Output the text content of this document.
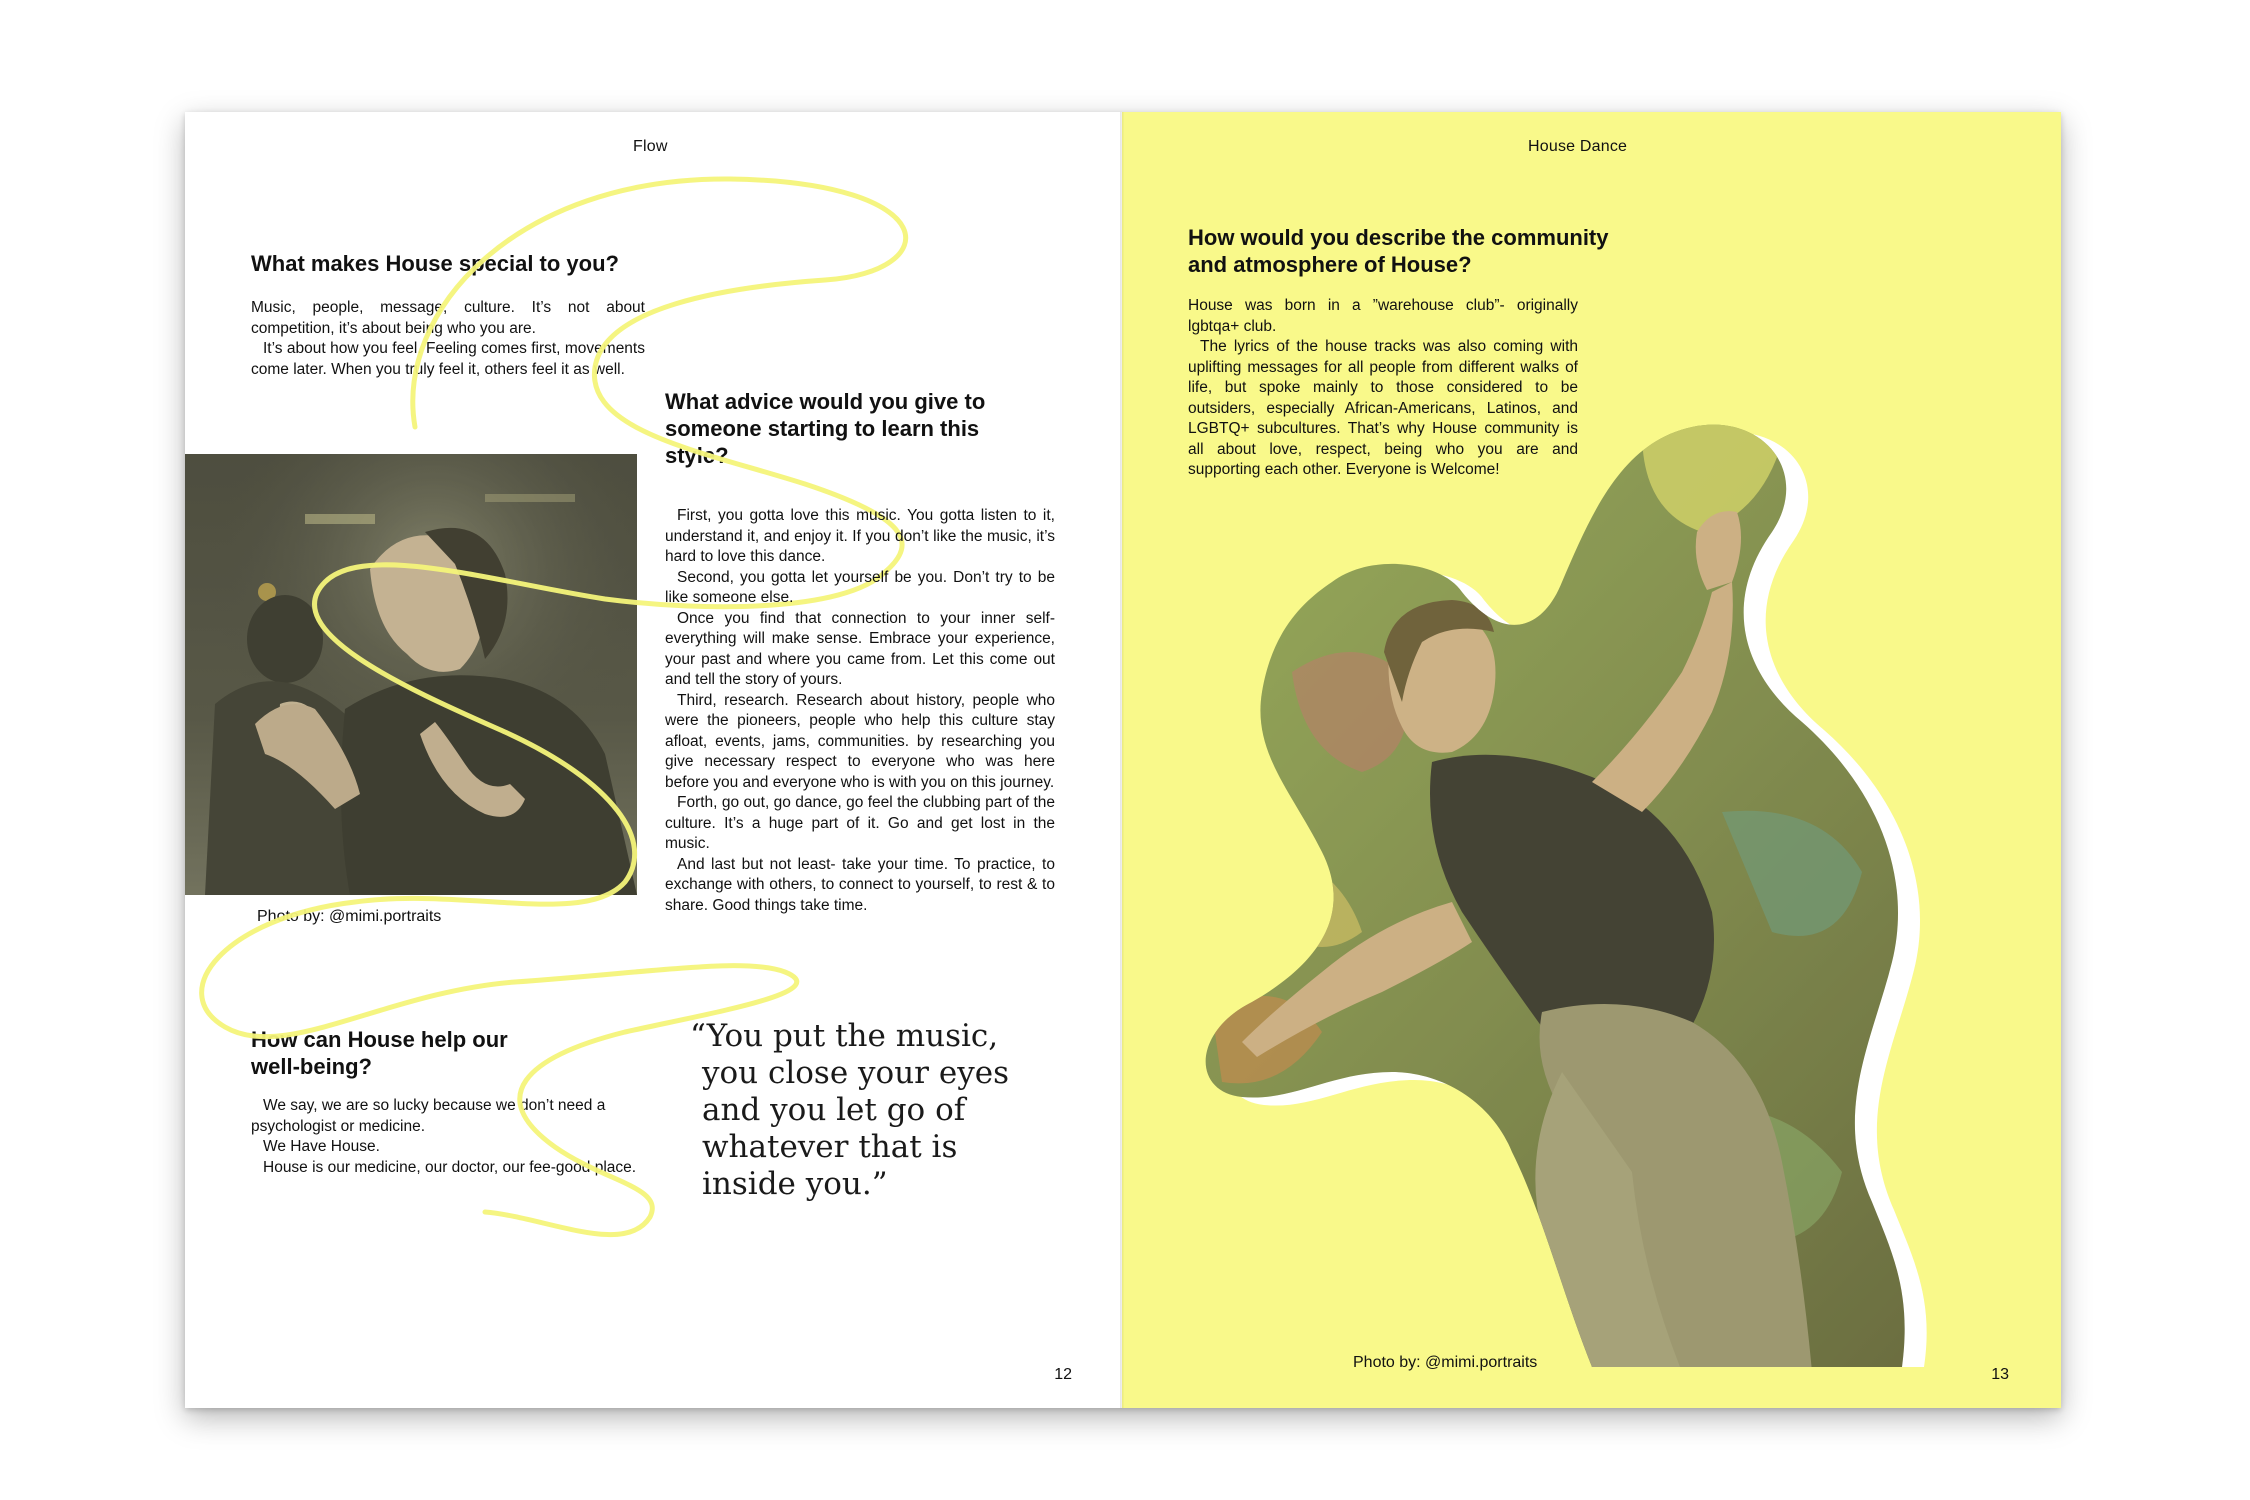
Flow
What makes House special to you?

Music, people, message, culture. It’s not about competition, it’s about being who you are.

It’s about how you feel. Feeling comes first, movements come later. When you truly feel it, others feel it as well.

Photo by: @mimi.portraits
What advice would you give to someone starting to learn this style?

First, you gotta love this music. You gotta listen to it, understand it, and enjoy it. If you don’t like the music, it’s hard to love this dance.

Second, you gotta let yourself be you. Don’t try to be like someone else.

Once you find that connection to your inner self- everything will make sense. Embrace your experience, your past and where you came from. Let this come out and tell the story of yours.

Third, research. Research about history, people who were the pioneers, people who help this culture stay afloat, events, jams, communities. by researching you give necessary respect to everyone who was here before you and everyone who is with you on this journey.

Forth, go out, go dance, go feel the clubbing part of the culture. It’s a huge part of it. Go and get lost in the music.

And last but not least- take your time. To practice, to exchange with others, to connect to yourself, to rest & to share. Good things take time.

How can House help our well-being?

We say, we are so lucky because we don’t need a psychologist or medicine.

We Have House.

House is our medicine, our doctor, our fee-good place.

“You put the music,

you close your eyes

and you let go of

whatever that is

inside you.”

12
House Dance
How would you describe the community and atmosphere of House?

House was born in a ”warehouse club”- originally lgbtqa+ club.

The lyrics of the house tracks was also coming with uplifting messages for all people from different walks of life, but spoke mainly to those considered to be outsiders, especially African-Americans, Latinos, and LGBTQ+ subcultures. That’s why House community is all about love, respect, being who you are and supporting each other. Everyone is Welcome!

Photo by: @mimi.portraits
13
